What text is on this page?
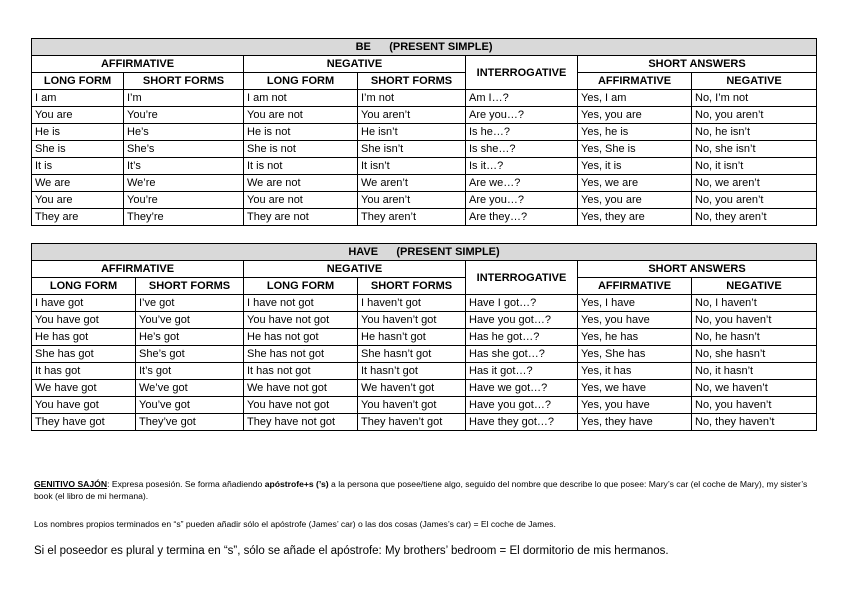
BE      (PRESENT SIMPLE)						
AFFIRMATIVE		NEGATIVE		INTERROGATIVE	SHORT ANSWERS	
LONG FORM	SHORT FORMS	LONG FORM	SHORT FORMS		AFFIRMATIVE	NEGATIVE
I am	I’m	I am not	I’m not	Am I…?	Yes, I am	No, I’m not
You are	You’re	You are not	You aren’t	Are you…?	Yes, you are	No, you aren’t
He is	He’s	He is not	He isn’t	Is he…?	Yes, he is	No, he isn’t
She is	She’s	She is not	She isn’t	Is she…?	Yes, She is	No, she isn’t
It is	It’s	It is not	It isn’t	Is it…?	Yes, it is	No, it isn’t
We are	We’re	We are not	We aren’t	Are we…?	Yes, we are	No, we aren’t
You are	You’re	You are not	You aren’t	Are you…?	Yes, you are	No, you aren’t
They are	They’re	They are not	They aren’t	Are they…?	Yes, they are	No, they aren’t
HAVE      (PRESENT SIMPLE)						
AFFIRMATIVE		NEGATIVE		INTERROGATIVE	SHORT ANSWERS	
LONG FORM	SHORT FORMS	LONG FORM	SHORT FORMS		AFFIRMATIVE	NEGATIVE
I have got	I’ve got	I have not got	I haven’t got	Have I got…?	Yes, I have	No, I haven’t
You have got	You’ve got	You have not got	You haven’t got	Have you got…?	Yes, you have	No, you haven’t
He has got	He’s got	He has not got	He hasn’t got	Has he got…?	Yes, he has	No, he hasn’t
She has got	She’s got	She has not got	She hasn’t got	Has she got…?	Yes, She has	No, she hasn’t
It has got	It’s got	It has not got	It hasn’t got	Has it got…?	Yes, it has	No, it hasn’t
We have got	We’ve got	We have not got	We haven’t got	Have we got…?	Yes, we have	No, we haven’t
You have got	You’ve got	You have not got	You haven’t got	Have you got…?	Yes, you have	No, you haven’t
They have got	They’ve got	They have not got	They haven’t got	Have they got…?	Yes, they have	No, they haven’t
GENITIVO SAJÓN: Expresa posesión. Se forma añadiendo apóstrofe+s (’s) a la persona que posee/tiene algo, seguido del nombre que describe lo que posee: Mary’s car (el coche de Mary), my sister’s book (el libro de mi hermana).
Los nombres propios terminados en “s” pueden añadir sólo el apóstrofe (James’ car) o las dos cosas (James’s car) = El coche de James.
Si el poseedor es plural y termina en “s”, sólo se añade el apóstrofe: My brothers’ bedroom = El dormitorio de mis hermanos.
